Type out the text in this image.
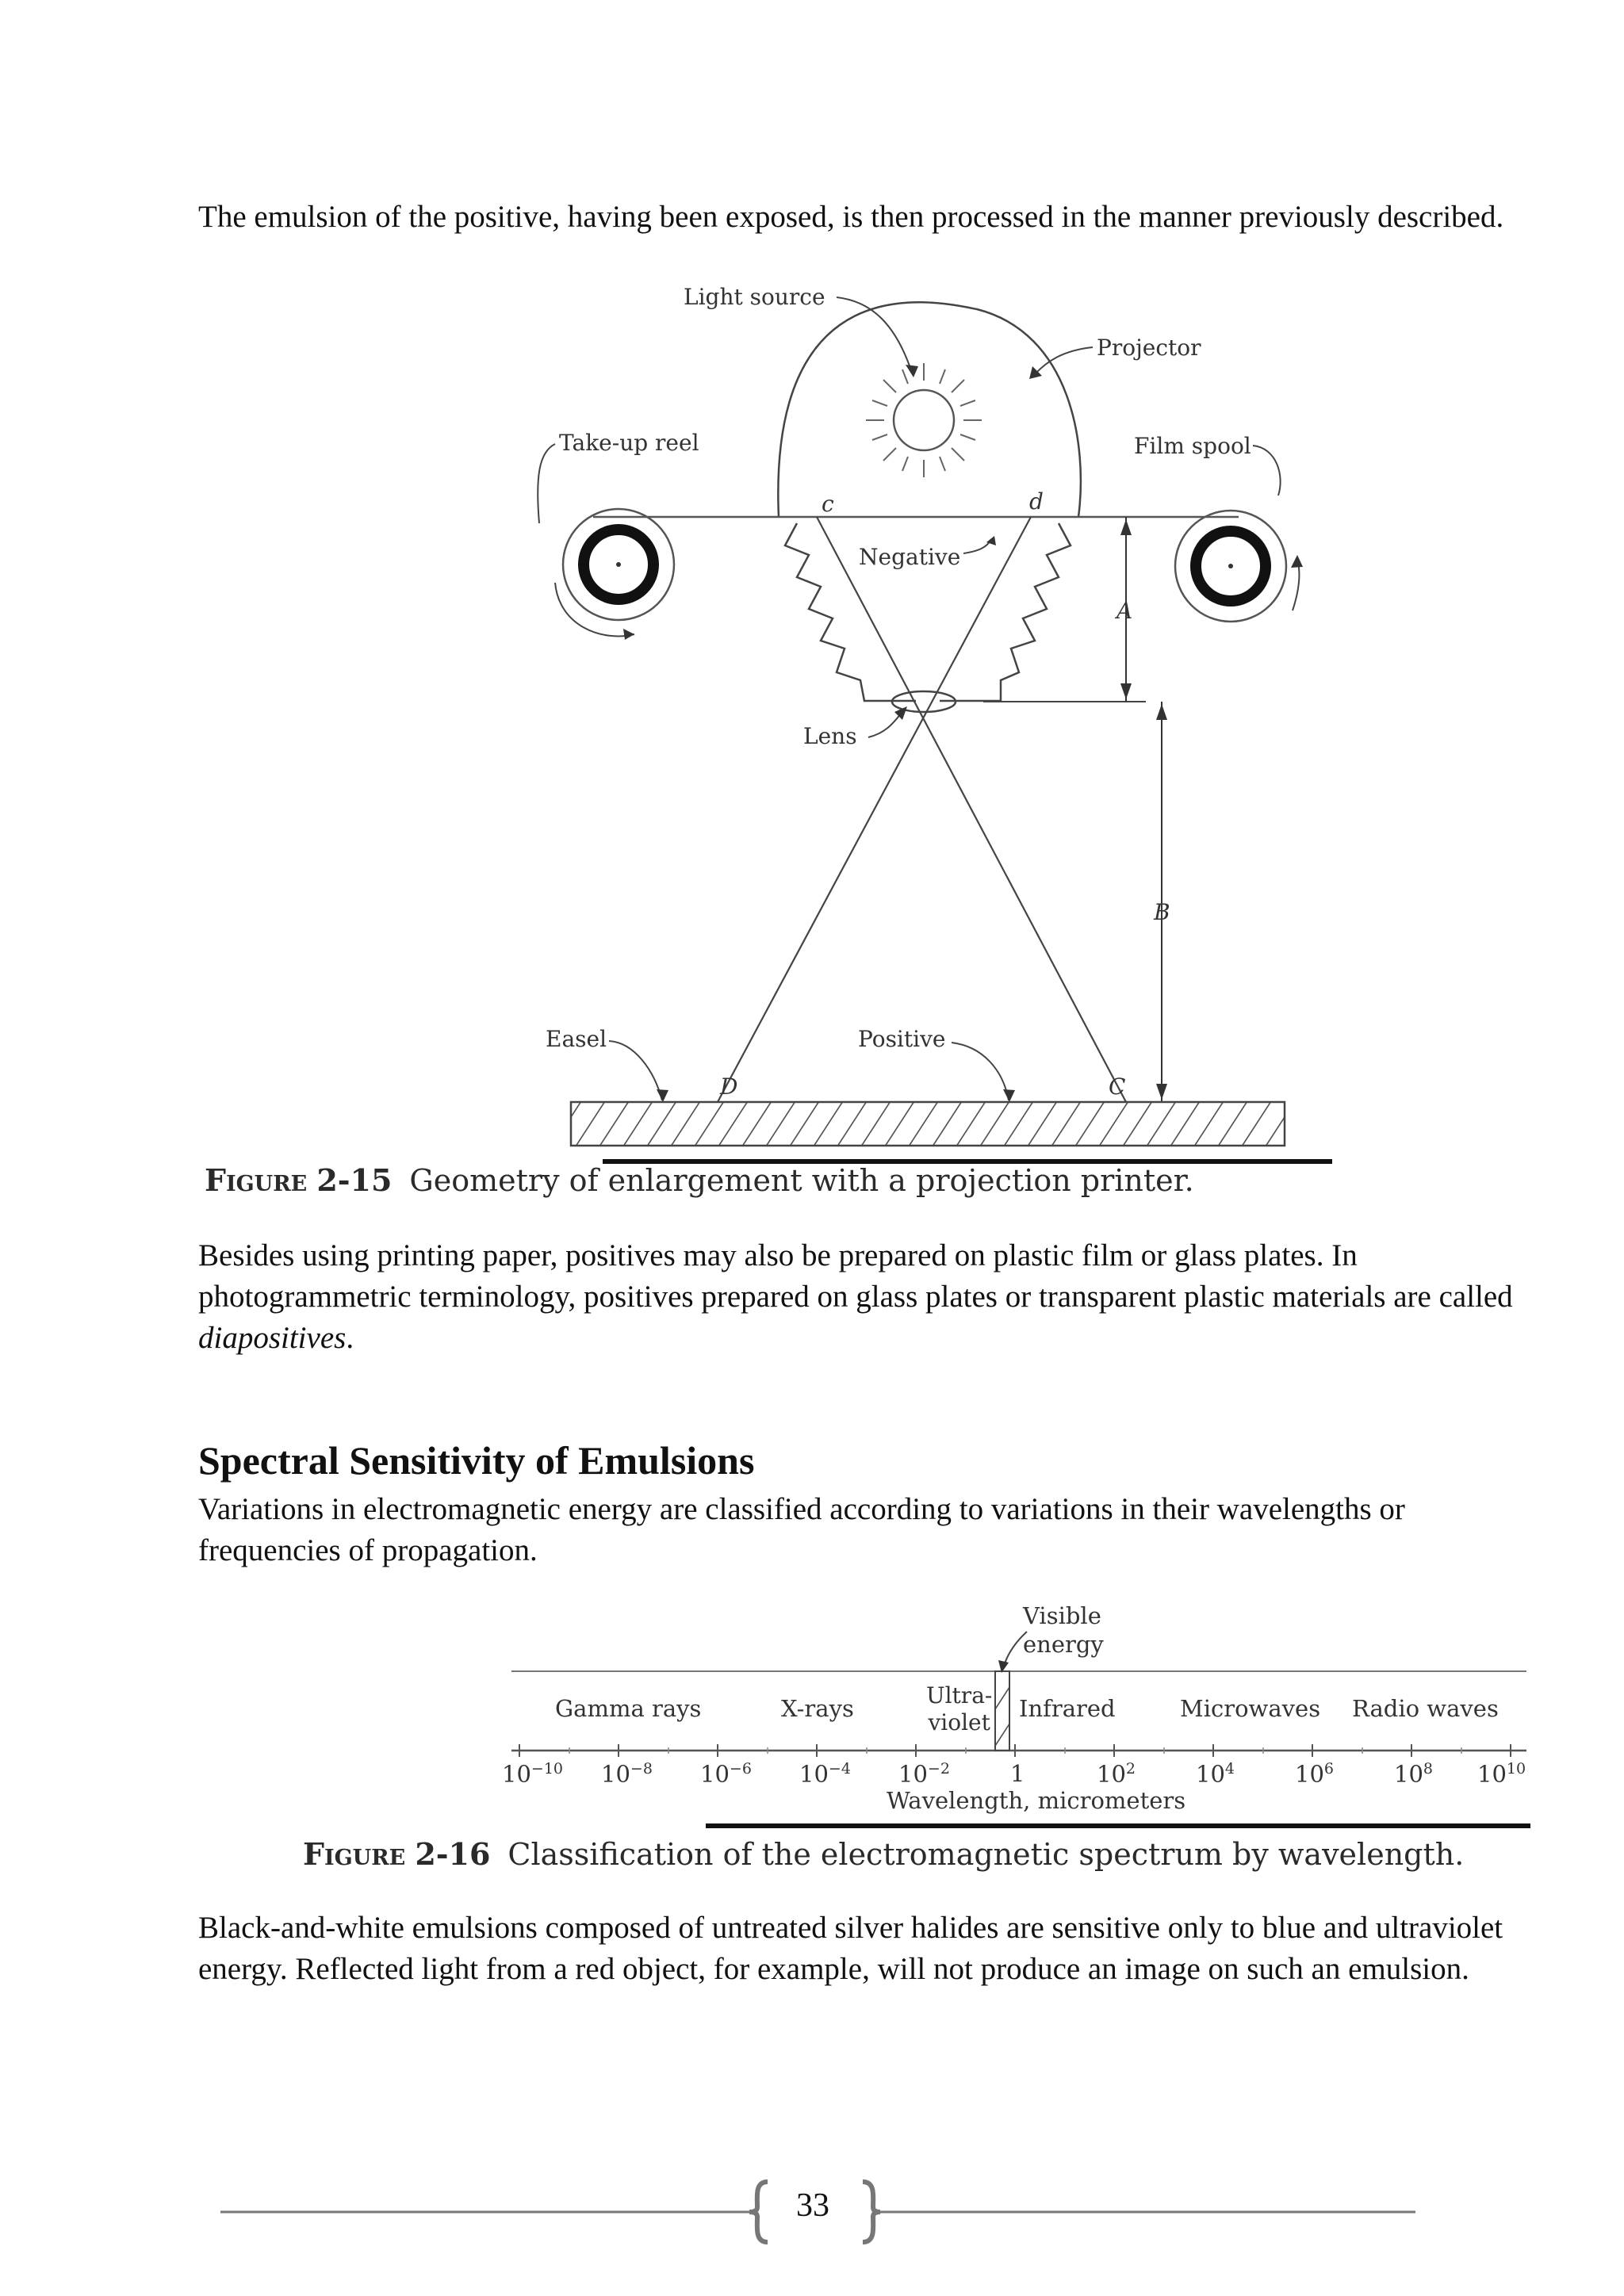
The emulsion of the positive, having been exposed, is then processed in the manner previously described.

Light source
Projector
Take-up reel	Film spool
Negative
Lens
Easel	Positive
c	d
A
B
D	C
Figure 2-15 Geometry of enlargement with a projection printer.

Besides using printing paper, positives may also be prepared on plastic film or glass plates. In photogrammetric terminology, positives prepared on glass plates or transparent plastic materials are called diapositives.

Spectral Sensitivity of Emulsions

Variations in electromagnetic energy are classified according to variations in their wavelengths or frequencies of propagation.

Visible
energy
Gamma rays	X-rays	Infrared	Microwaves Radio waves
Ultra-
violet
$10^{-10}$ $10^{-8}$ $10^{-6}$ $10^{-4}$ $10^{-2}$	1	$10^2$	$10^4$	$10^6$	$10^8$ $10^{10}$
Wavelength, micrometers
Figure 2-16 Classification of the electromagnetic spectrum by wavelength.

Black-and-white emulsions composed of untreated silver halides are sensitive only to blue and ultraviolet energy. Reflected light from a red object, for example, will not produce an image on such an emulsion.

33
